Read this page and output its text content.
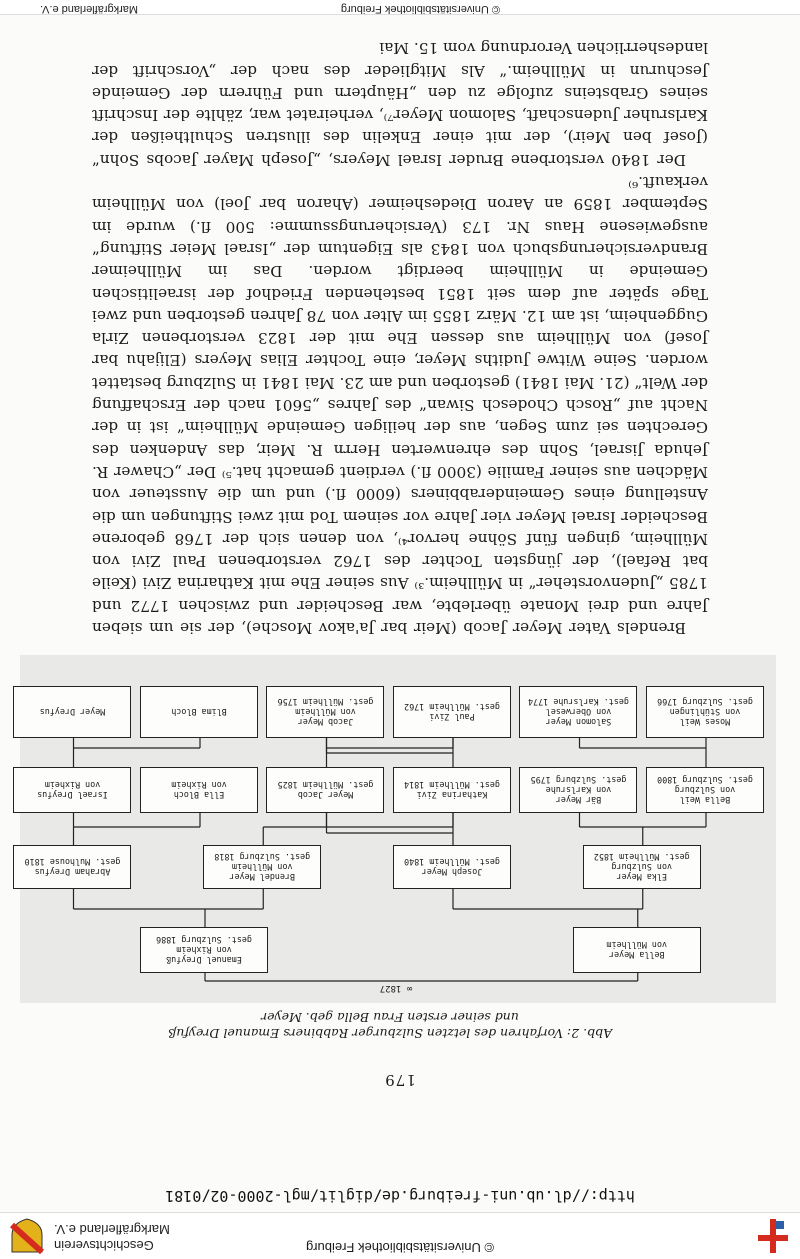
© Universitätsbibliothek Freiburg
Geschichtsverein
Markgräflerland e.V.
http://dl.ub.uni-freiburg.de/diglit/mgl-2000-02/0181
179
Abb. 2: Vorfahren des letzten Sulzburger Rabbiners Emanuel Dreyfuß
und seiner ersten Frau Bella geb. Meyer
Meyer Dreyfus	Blima Bloch
Jacob Meyer
von Müllheim
gest. Müllheim 1756
Paul Zivi
gest. Müllheim 1762
Salomon Meyer
von Oberwesel
gest. Karlsruhe 1774
Moses Weil
von Stühlingen
gest. Sulzburg 1766
Israel Dreyfus
von Rixheim
Ella Bloch
von Rixheim
Meyer Jacob
gest. Müllheim 1825
Katharina Zivi
gest. Müllheim 1814
Bär Meyer
von Karlsruhe
gest. Sulzburg 1795
Bella Weil
von Sulzburg
gest. Sulzburg 1800
Abraham Dreyfus
gest. Mulhouse 1810
Brendel Meyer
von Müllheim
gest. Sulzburg 1818
Joseph Meyer
gest. Müllheim 1840
Elka Meyer
von Sulzburg
gest. Müllheim 1852
Emanuel Dreyfuß
von Rixheim
gest. Sulzburg 1886
Bella Meyer
von Müllheim
∞ 1827

Brendels Vater Meyer Jacob (Meir bar Ja'akov Mosche), der sie um sieben Jahre und drei Monate überlebte, war Bescheider und zwischen 1772 und 1785 „Judenvorsteher“ in Müllheim.³⁾ Aus seiner Ehe mit Katharina Zivi (Keile bat Refael), der jüngsten Tochter des 1762 verstorbenen Paul Zivi von Müllheim, gingen fünf Söhne hervor⁴⁾, von denen sich der 1768 geborene Bescheider Israel Meyer vier Jahre vor seinem Tod mit zwei Stiftungen um die Anstellung eines Gemeinderabbiners (6000 fl.) und um die Aussteuer von Mädchen aus seiner Familie (3000 fl.) verdient gemacht hat.⁵⁾ Der „Chawer R. Jehuda Jisrael, Sohn des ehrenwerten Herrn R. Meir, das Andenken des Gerechten sei zum Segen, aus der heiligen Gemeinde Müllheim“ ist in der Nacht auf „Rosch Chodesch Siwan“ des Jahres „5601 nach der Erschaffung der Welt“ (21. Mai 1841) gestorben und am 23. Mai 1841 in Sulzburg bestattet worden. Seine Witwe Judiths Meyer, eine Tochter Elias Meyers (Elijahu bar Josef) von Müllheim aus dessen Ehe mit der 1823 verstorbenen Zirla Guggenheim, ist am 12. März 1855 im Alter von 78 Jahren gestorben und zwei Tage später auf dem seit 1851 bestehenden Friedhof der israelitischen Gemeinde in Müllheim beerdigt worden. Das im Müllheimer Brandversicherungsbuch von 1843 als Eigentum der „Israel Meier Stiftung“ ausgewiesene Haus Nr. 173 (Versicherungssumme: 500 fl.) wurde im September 1859 an Aaron Diedesheimer (Aharon bar Joel) von Müllheim verkauft.⁶⁾

Der 1840 verstorbene Bruder Israel Meyers, „Joseph Mayer Jacobs Sohn“ (Josef ben Meir), der mit einer Enkelin des illustren Schultheißen der Karlsruher Judenschaft, Salomon Meyer⁷⁾, verheiratet war, zählte der Inschrift seines Grabsteins zufolge zu den „Häuptern und Führern der Gemeinde Jeschurun in Müllheim.“ Als Mitglieder des nach der „Vorschrift der landesherrlichen Verordnung vom 15. Mai

© Universitätsbibliothek Freiburg
Markgräflerland e.V.
